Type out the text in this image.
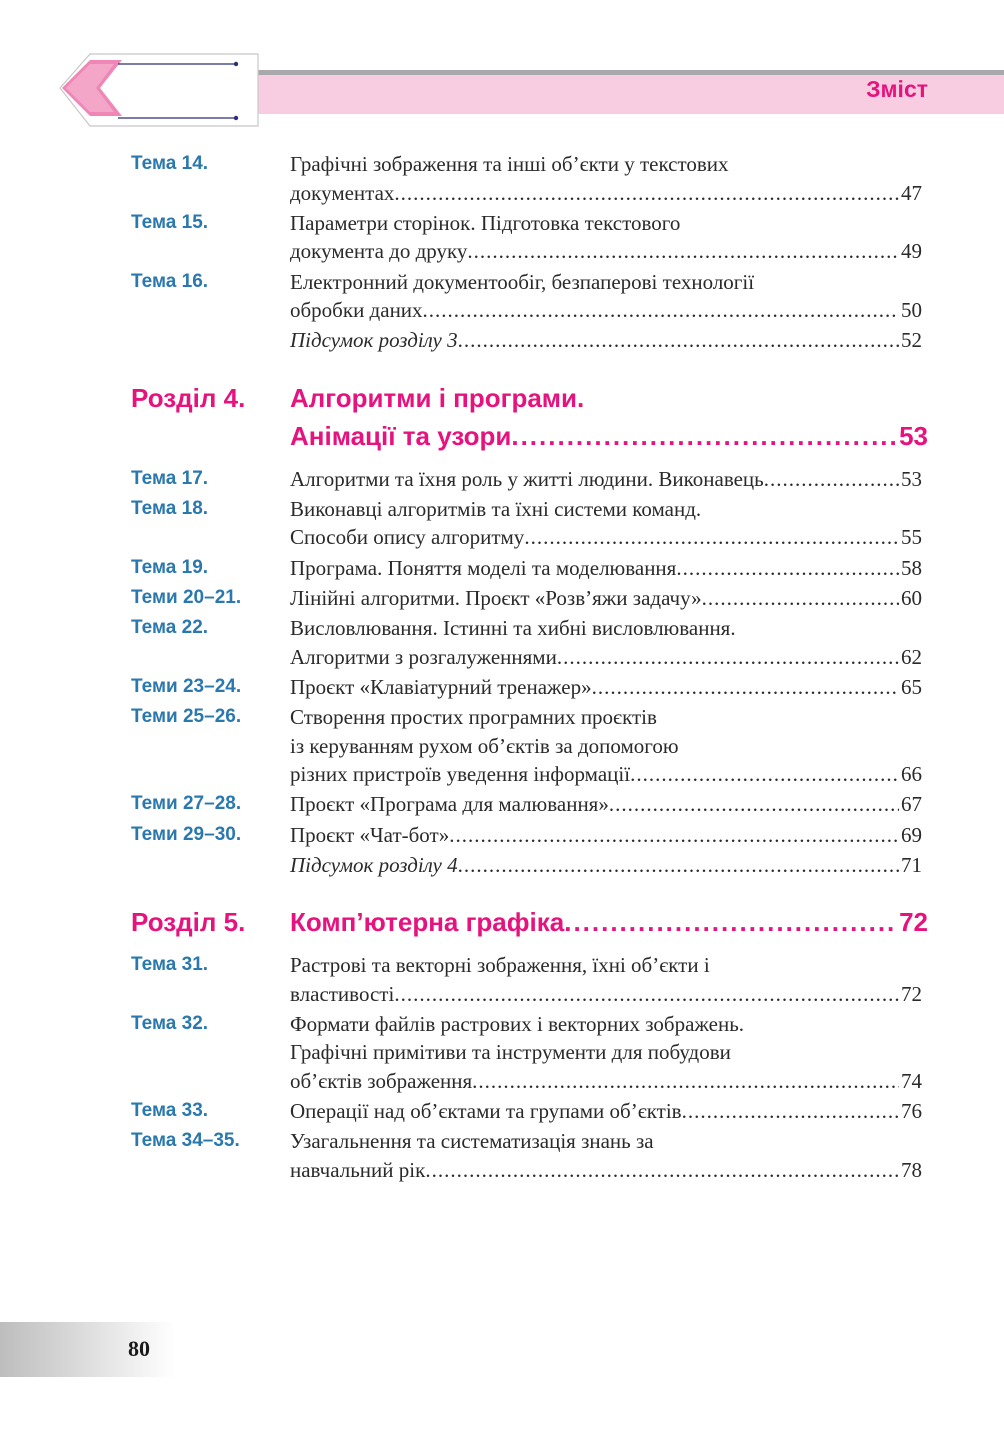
Зміст
Тема 14.	Графічні зображення та інші об’єкти у текстових
документах .....	47
Тема 15.	Параметри сторінок. Підготовка текстового
документа до друку .....	49
Тема 16.	Електронний документообіг, безпаперові технології
обробки даних .....	50
Підсумок розділу 3 .....	52
Розділ 4. Алгоритми і програми.
Анімації та узори .....	53
Тема 17.	Алгоритми та їхня роль у житті людини. Виконавець .....	53
Тема 18.	Виконавці алгоритмів та їхні системи команд.
Способи опису алгоритму .....	55
Тема 19.	Програма. Поняття моделі та моделювання .....	58
Теми 20–21. Лінійні алгоритми. Проєкт «Розв’яжи задачу» .....	60
Тема 22.	Висловлювання. Істинні та хибні висловлювання.
Алгоритми з розгалуженнями .....	62
Теми 23–24. Проєкт «Клавіатурний тренажер» .....	65
Теми 25–26. Створення простих програмних проєктів
із керуванням рухом об’єктів за допомогою
різних пристроїв уведення інформації .....	66
Теми 27–28. Проєкт «Програма для малювання» .....	67
Теми 29–30. Проєкт «Чат-бот» .....	69
Підсумок розділу 4 .....	71
Розділ 5. Комп’ютерна графіка .....	72
Тема 31.	Растрові та векторні зображення, їхні об’єкти і
властивості .....	72
Тема 32.	Формати файлів растрових і векторних зображень.
Графічні примітиви та інструменти для побудови
об’єктів зображення .....	74
Тема 33.	Операції над об’єктами та групами об’єктів .....	76
Тема 34–35. Узагальнення та систематизація знань за
навчальний рік .....	78
80
